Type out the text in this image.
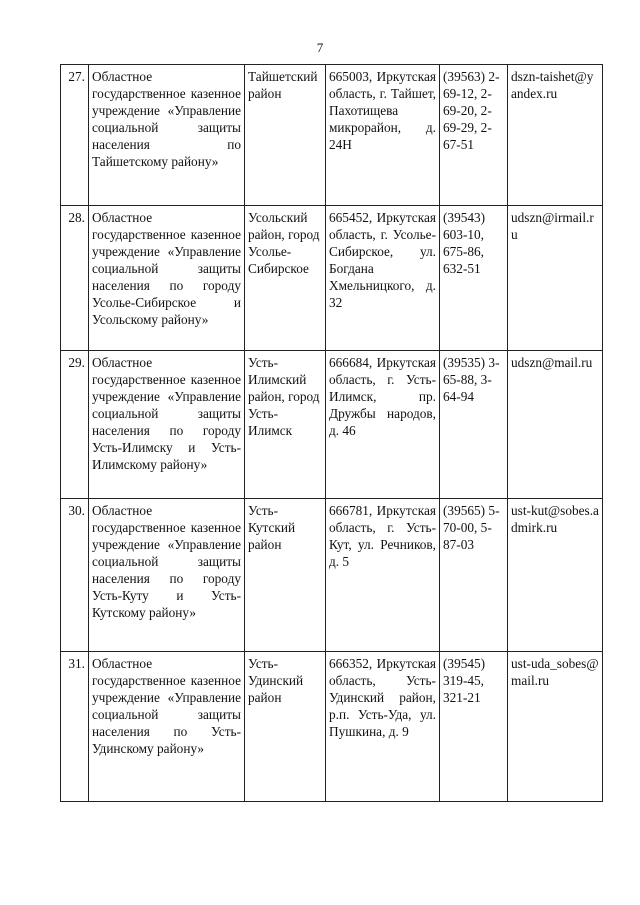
7
27.	Областное государственное казенное учреждение «Управление социальной защиты населения по Тайшетскому району»	Тайшетский район	665003, Иркутская область, г. Тайшет, Пахотищева микрорайон, д. 24Н	(39563) 2-69-12, 2-69-20, 2-69-29, 2-67-51	dszn-taishet@yandex.ru
28.	Областное государственное казенное учреждение «Управление социальной защиты населения по городу Усолье-Сибирское и Усольскому району»	Усольский район, город Усолье-Сибирское	665452, Иркутская область, г. Усолье-Сибирское, ул. Богдана Хмельницкого, д. 32	(39543) 603-10, 675-86, 632-51	udszn@irmail.ru
29.	Областное государственное казенное учреждение «Управление социальной защиты населения по городу Усть-Илимску и Усть-Илимскому району»	Усть-Илимский район, город Усть-Илимск	666684, Иркутская область, г. Усть-Илимск, пр. Дружбы народов, д. 46	(39535) 3-65-88, 3-64-94	udszn@mail.ru
30.	Областное государственное казенное учреждение «Управление социальной защиты населения по городу Усть-Куту и Усть-Кутскому району»	Усть-Кутский район	666781, Иркутская область, г. Усть-Кут, ул. Речников, д. 5	(39565) 5-70-00, 5-87-03	ust-kut@sobes.admirk.ru
31.	Областное государственное казенное учреждение «Управление социальной защиты населения по Усть-Удинскому району»	Усть-Удинский район	666352, Иркутская область, Усть-Удинский район, р.п. Усть-Уда, ул. Пушкина, д. 9	(39545) 319-45, 321-21	ust-uda_sobes@mail.ru
